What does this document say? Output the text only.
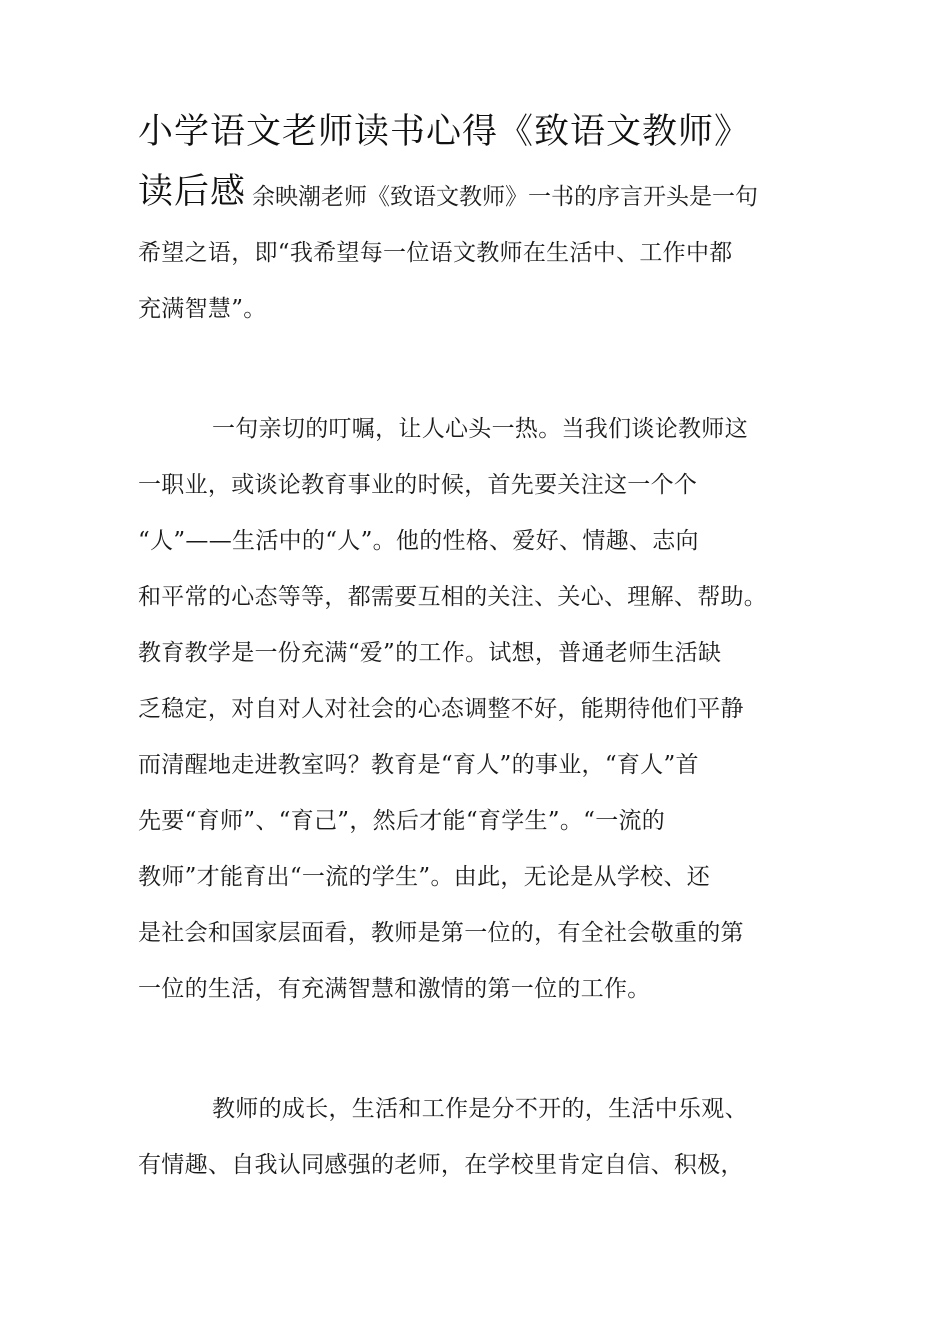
小学语文老师读书心得《致语文教师》
读后感 余映潮老师《致语文教师》一书的序言开头是一句
希望之语，即“我希望每一位语文教师在生活中、工作中都
充满智慧”。
一句亲切的叮嘱，让人心头一热。当我们谈论教师这
一职业，或谈论教育事业的时候，首先要关注这一个个
“人”——生活中的“人”。他的性格、爱好、情趣、志向
和平常的心态等等，都需要互相的关注、关心、理解、帮助。
教育教学是一份充满“爱”的工作。试想，普通老师生活缺
乏稳定，对自对人对社会的心态调整不好，能期待他们平静
而清醒地走进教室吗？教育是“育人”的事业，“育人”首
先要“育师”、“育己”，然后才能“育学生”。“一流的
教师”才能育出“一流的学生”。由此，无论是从学校、还
是社会和国家层面看，教师是第一位的，有全社会敬重的第
一位的生活，有充满智慧和激情的第一位的工作。
教师的成长，生活和工作是分不开的，生活中乐观、
有情趣、自我认同感强的老师，在学校里肯定自信、积极，
